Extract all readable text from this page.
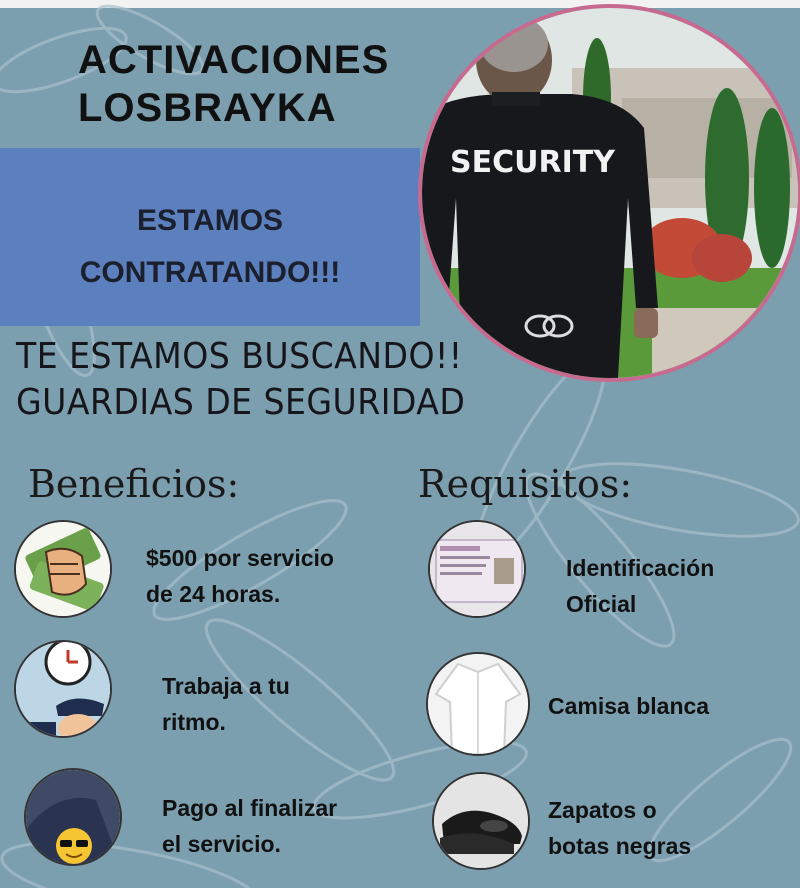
ACTIVACIONES
LOSBRAYKA
ESTAMOS
CONTRATANDO!!!
SECURITY
TE ESTAMOS BUSCANDO!!
GUARDIAS DE SEGURIDAD
Beneficios:	Requisitos:
$500 por servicio
de 24 horas.
Trabaja a tu
ritmo.
Pago al finalizar
el servicio.
Identificación
Oficial
Camisa blanca
Zapatos o
botas negras
